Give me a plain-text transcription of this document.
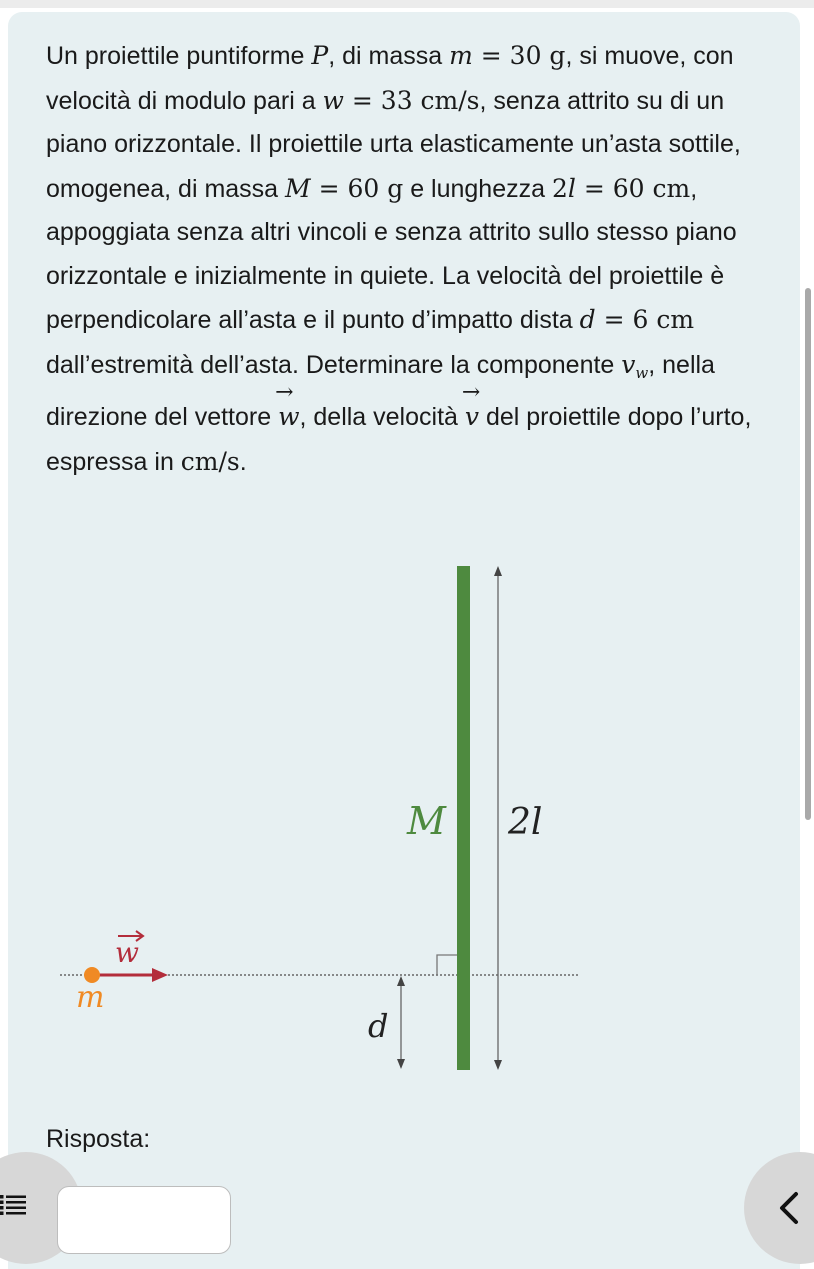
Un proiettile puntiforme P, di massa m = 30 g, si muove, con velocità di modulo pari a w = 33 cm/s, senza attrito su di un piano orizzontale. Il proiettile urta elasticamente un’asta sottile, omogenea, di massa M = 60 g e lunghezza 2l = 60 cm, appoggiata senza altri vincoli e senza attrito sullo stesso piano orizzontale e inizialmente in quiete. La velocità del proiettile è perpendicolare all’asta e il punto d’impatto dista d = 6 cm dall’estremità dell’asta. Determinare la componente $v_w$, nella direzione del vettore
→
w, della velocità
→
v del proiettile dopo l’urto, espressa in cm/s.

M 2l
w
m
d

Risposta:
